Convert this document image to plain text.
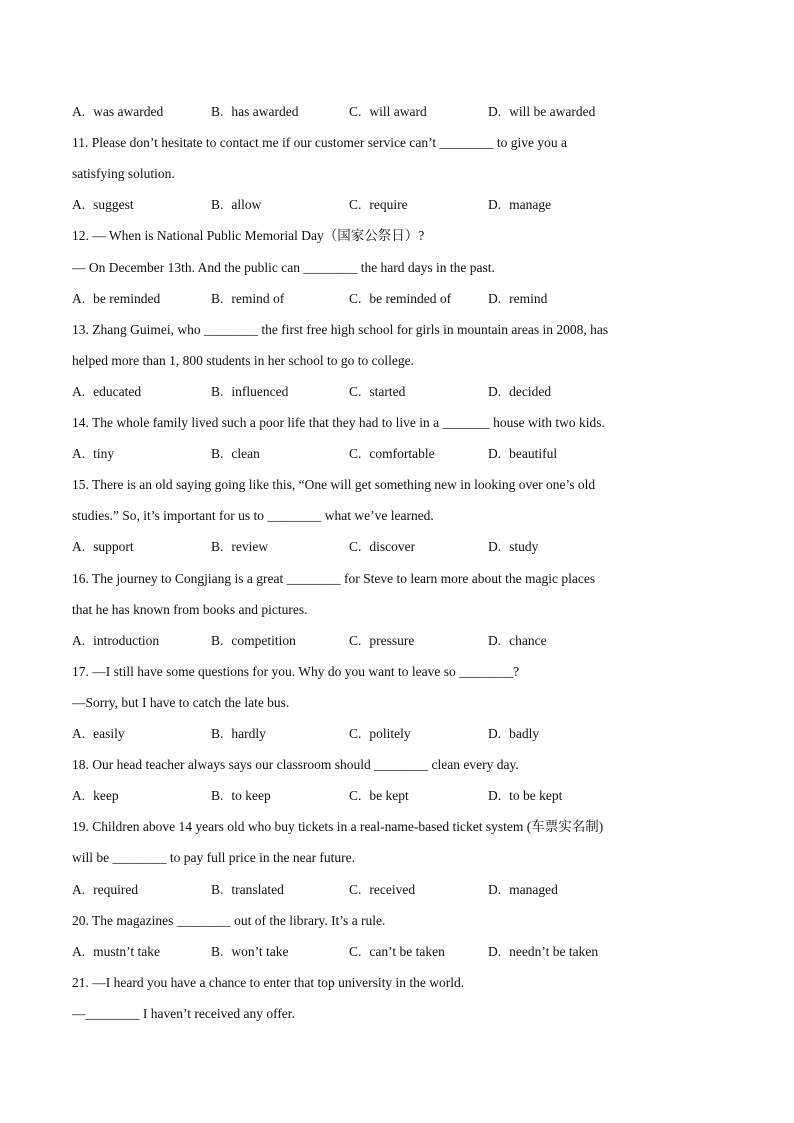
A. was awarded	B. has awarded	C. will award	D. will be awarded
11. Please don’t hesitate to contact me if our customer service can’t ________ to give you a
satisfying solution.
A. suggest	B. allow	C. require	D. manage
12. — When is National Public Memorial Day（国家公祭日）?
— On December 13th. And the public can ________ the hard days in the past.
A. be reminded	B. remind of	C. be reminded of	D. remind
13. Zhang Guimei, who ________ the first free high school for girls in mountain areas in 2008, has
helped more than 1, 800 students in her school to go to college.
A. educated	B. influenced	C. started	D. decided
14. The whole family lived such a poor life that they had to live in a _______ house with two kids.
A. tiny	B. clean	C. comfortable	D. beautiful
15. There is an old saying going like this, “One will get something new in looking over one’s old
studies.” So, it’s important for us to ________ what we’ve learned.
A. support	B. review	C. discover	D. study
16. The journey to Congjiang is a great ________ for Steve to learn more about the magic places
that he has known from books and pictures.
A. introduction	B. competition	C. pressure	D. chance
17. —I still have some questions for you. Why do you want to leave so ________?
—Sorry, but I have to catch the late bus.
A. easily	B. hardly	C. politely	D. badly
18. Our head teacher always says our classroom should ________ clean every day.
A. keep	B. to keep	C. be kept	D. to be kept
19. Children above 14 years old who buy tickets in a real-name-based ticket system (车票实名制)
will be ________ to pay full price in the near future.
A. required	B. translated	C. received	D. managed
20. The magazines ________ out of the library. It’s a rule.
A. mustn’t take	B. won’t take	C. can’t be taken	D. needn’t be taken
21. —I heard you have a chance to enter that top university in the world.
—________ I haven’t received any offer.
